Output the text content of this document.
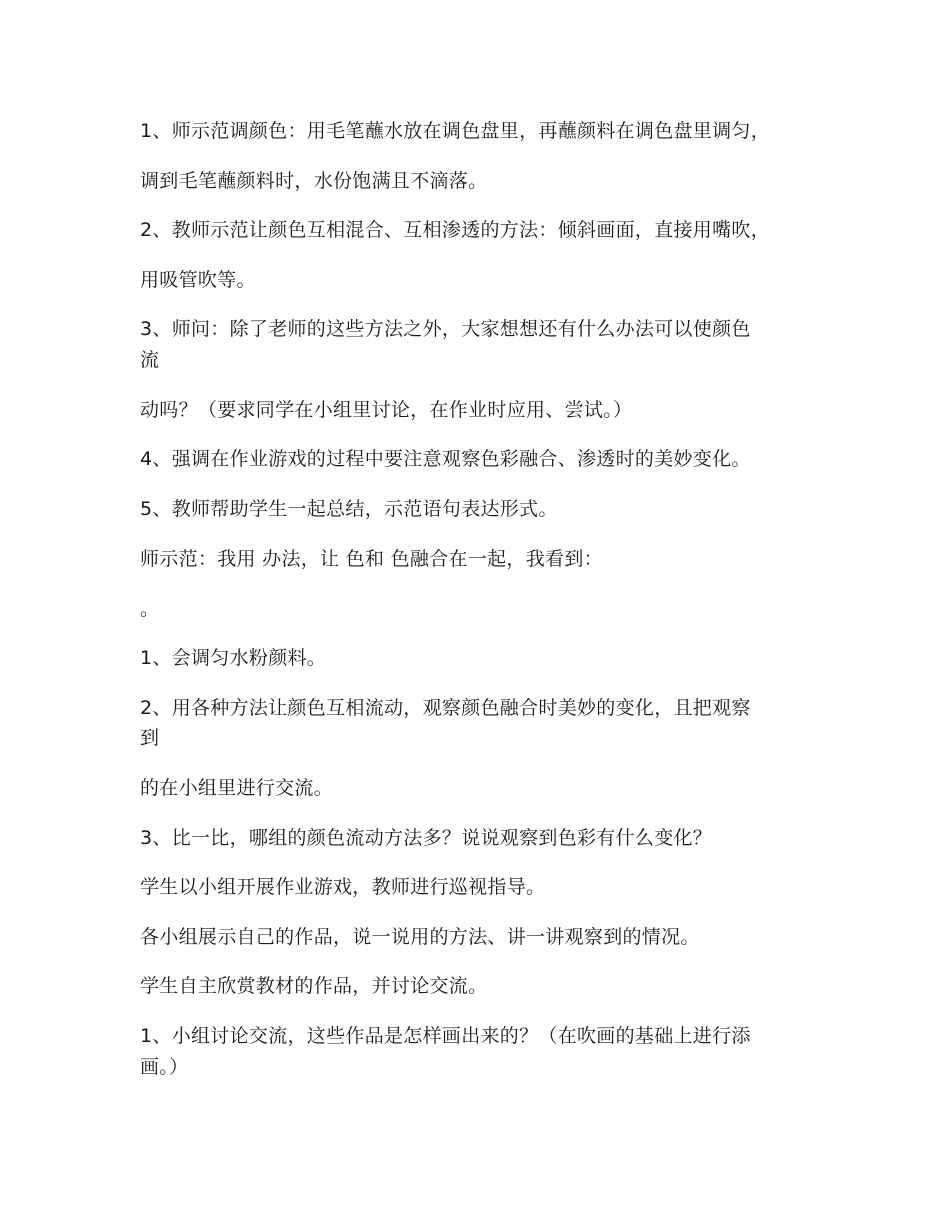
1、师示范调颜色：用毛笔蘸水放在调色盘里，再蘸颜料在调色盘里调匀，
调到毛笔蘸颜料时，水份饱满且不滴落。
2、教师示范让颜色互相混合、互相渗透的方法：倾斜画面，直接用嘴吹，
用吸管吹等。
3、师问：除了老师的这些方法之外，大家想想还有什么办法可以使颜色
流
动吗？（要求同学在小组里讨论，在作业时应用、尝试。）
4、强调在作业游戏的过程中要注意观察色彩融合、渗透时的美妙变化。
5、教师帮助学生一起总结，示范语句表达形式。
师示范：我用 办法，让 色和 色融合在一起，我看到：
。
1、会调匀水粉颜料。
2、用各种方法让颜色互相流动，观察颜色融合时美妙的变化，且把观察
到
的在小组里进行交流。
3、比一比，哪组的颜色流动方法多？说说观察到色彩有什么变化？
学生以小组开展作业游戏，教师进行巡视指导。
各小组展示自己的作品，说一说用的方法、讲一讲观察到的情况。
学生自主欣赏教材的作品，并讨论交流。
1、小组讨论交流，这些作品是怎样画出来的？（在吹画的基础上进行添
画。）
